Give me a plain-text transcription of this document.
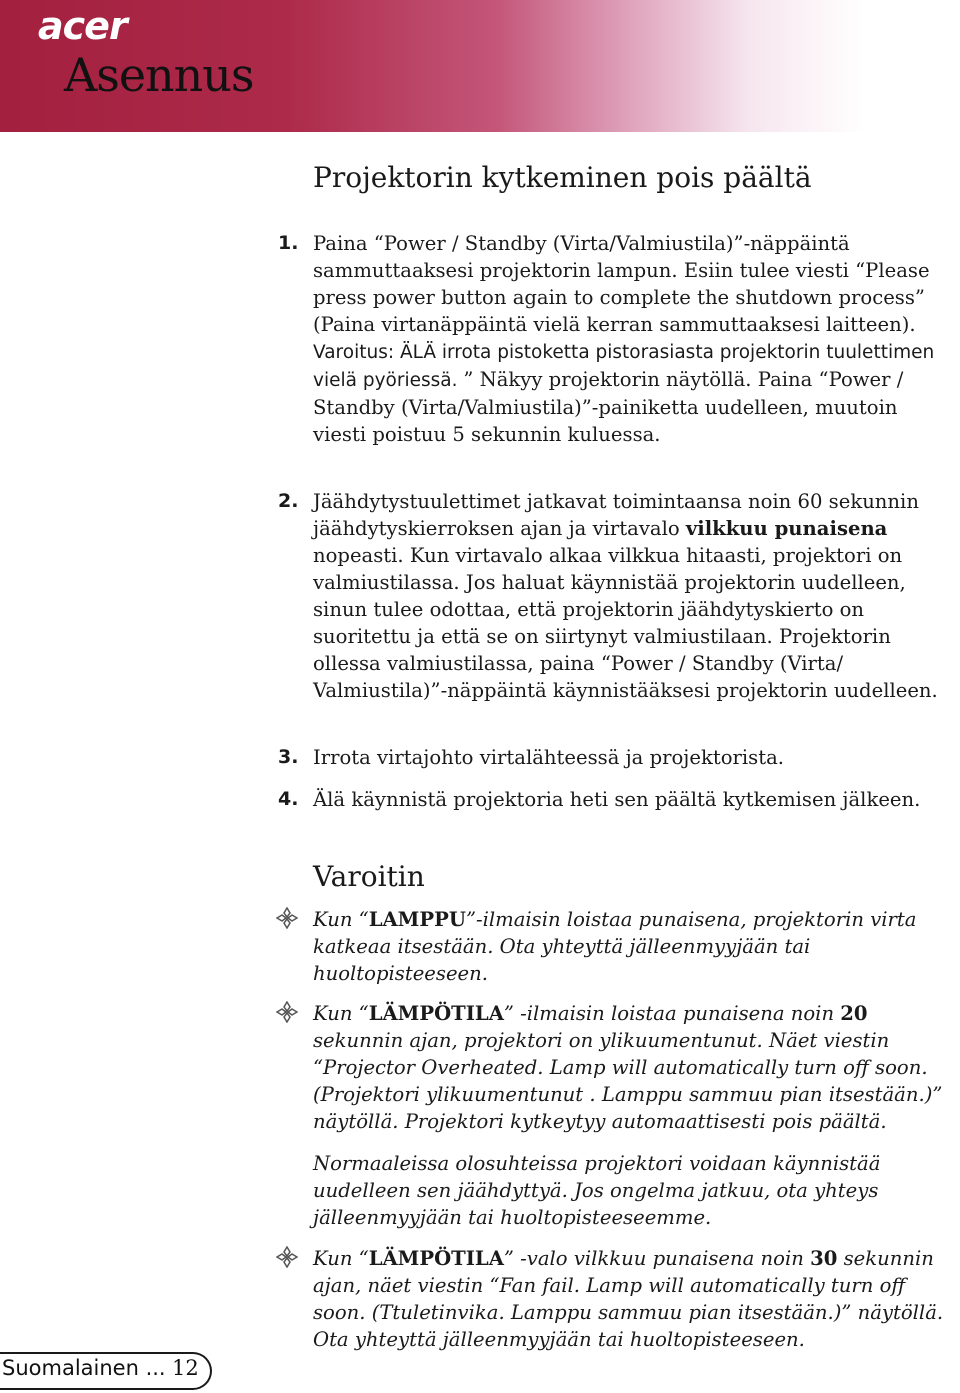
acer
Asennus
Projektorin kytkeminen pois päältä
1. Paina “Power / Standby (Virta/Valmiustila)”-näppäintä sammuttaaksesi projektorin lampun. Esiin tulee viesti “Please press power button again to complete the shutdown process” (Paina virtanäppäintä vielä kerran sammuttaaksesi laitteen). Varoitus: ÄLÄ irrota pistoketta pistorasiasta projektorin tuulettimen vielä pyöriessä. ” Näkyy projektorin näytöllä. Paina “Power / Standby (Virta/Valmiustila)”-painiketta uudelleen, muutoin viesti poistuu 5 sekunnin kuluessa.
2. Jäähdytystuulettimet jatkavat toimintaansa noin 60 sekunnin jäähdytyskierroksen ajan ja virtavalo vilkkuu punaisena nopeasti. Kun virtavalo alkaa vilkkua hitaasti, projektori on valmiustilassa. Jos haluat käynnistää projektorin uudelleen, sinun tulee odottaa, että projektorin jäähdytyskierto on suoritettu ja että se on siirtynyt valmiustilaan. Projektorin ollessa valmiustilassa, paina “Power / Standby (Virta/ Valmiustila)”-näppäintä käynnistääksesi projektorin uudelleen.
3. Irrota virtajohto virtalähteessä ja projektorista.
4. Älä käynnistä projektoria heti sen päältä kytkemisen jälkeen.
Varoitin
Kun “LAMPPU”-ilmaisin loistaa punaisena, projektorin virta katkeaa itsestään. Ota yhteyttä jälleenmyyjään tai huoltopisteeseen.
Kun “LÄMPÖTILA” -ilmaisin loistaa punaisena noin 20 sekunnin ajan, projektori on ylikuumentunut. Näet viestin “Projector Overheated. Lamp will automatically turn off soon. (Projektori ylikuumentunut . Lamppu sammuu pian itsestään.)” näytöllä. Projektori kytkeytyy automaattisesti pois päältä.
Normaaleissa olosuhteissa projektori voidaan käynnistää uudelleen sen jäähdyttyä. Jos ongelma jatkuu, ota yhteys jälleenmyyjään tai huoltopisteeseemme.
Kun “LÄMPÖTILA” -valo vilkkuu punaisena noin 30 sekunnin ajan, näet viestin “Fan fail. Lamp will automatically turn off soon. (Ttuletinvika. Lamppu sammuu pian itsestään.)” näytöllä. Ota yhteyttä jälleenmyyjään tai huoltopisteeseen.
Suomalainen ... 12
